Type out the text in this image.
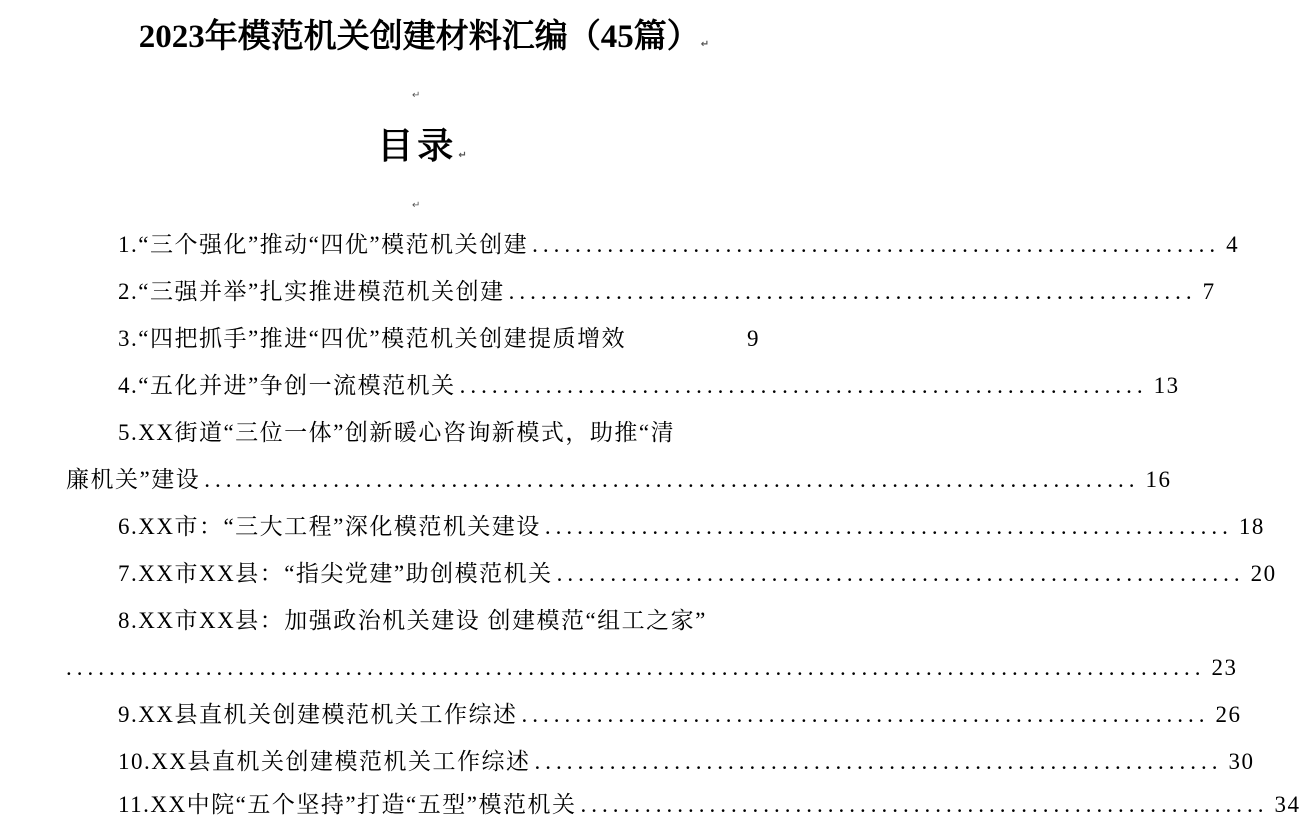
2023年模范机关创建材料汇编（45篇）↵
↵
目录↵
↵
1.“三个强化”推动“四优”模范机关创建 ................................................................ 4
2.“三强并举”扎实推进模范机关创建 ................................................................ 7
3.“四把抓手”推进“四优”模范机关创建提质增效	9
4.“五化并进”争创一流模范机关 ................................................................ 13
5.XX街道“三位一体”创新暖心咨询新模式，助推“清
廉机关”建设 ....................................................................................... 16
6.XX市：“三大工程”深化模范机关建设 ................................................................ 18
7.XX市XX县：“指尖党建”助创模范机关 ................................................................ 20
8.XX市XX县：加强政治机关建设 创建模范“组工之家”
.......................................................................................................... 23
9.XX县直机关创建模范机关工作综述 ................................................................ 26
10.XX县直机关创建模范机关工作综述 ................................................................ 30
11.XX中院“五个坚持”打造“五型”模范机关 ................................................................ 34
